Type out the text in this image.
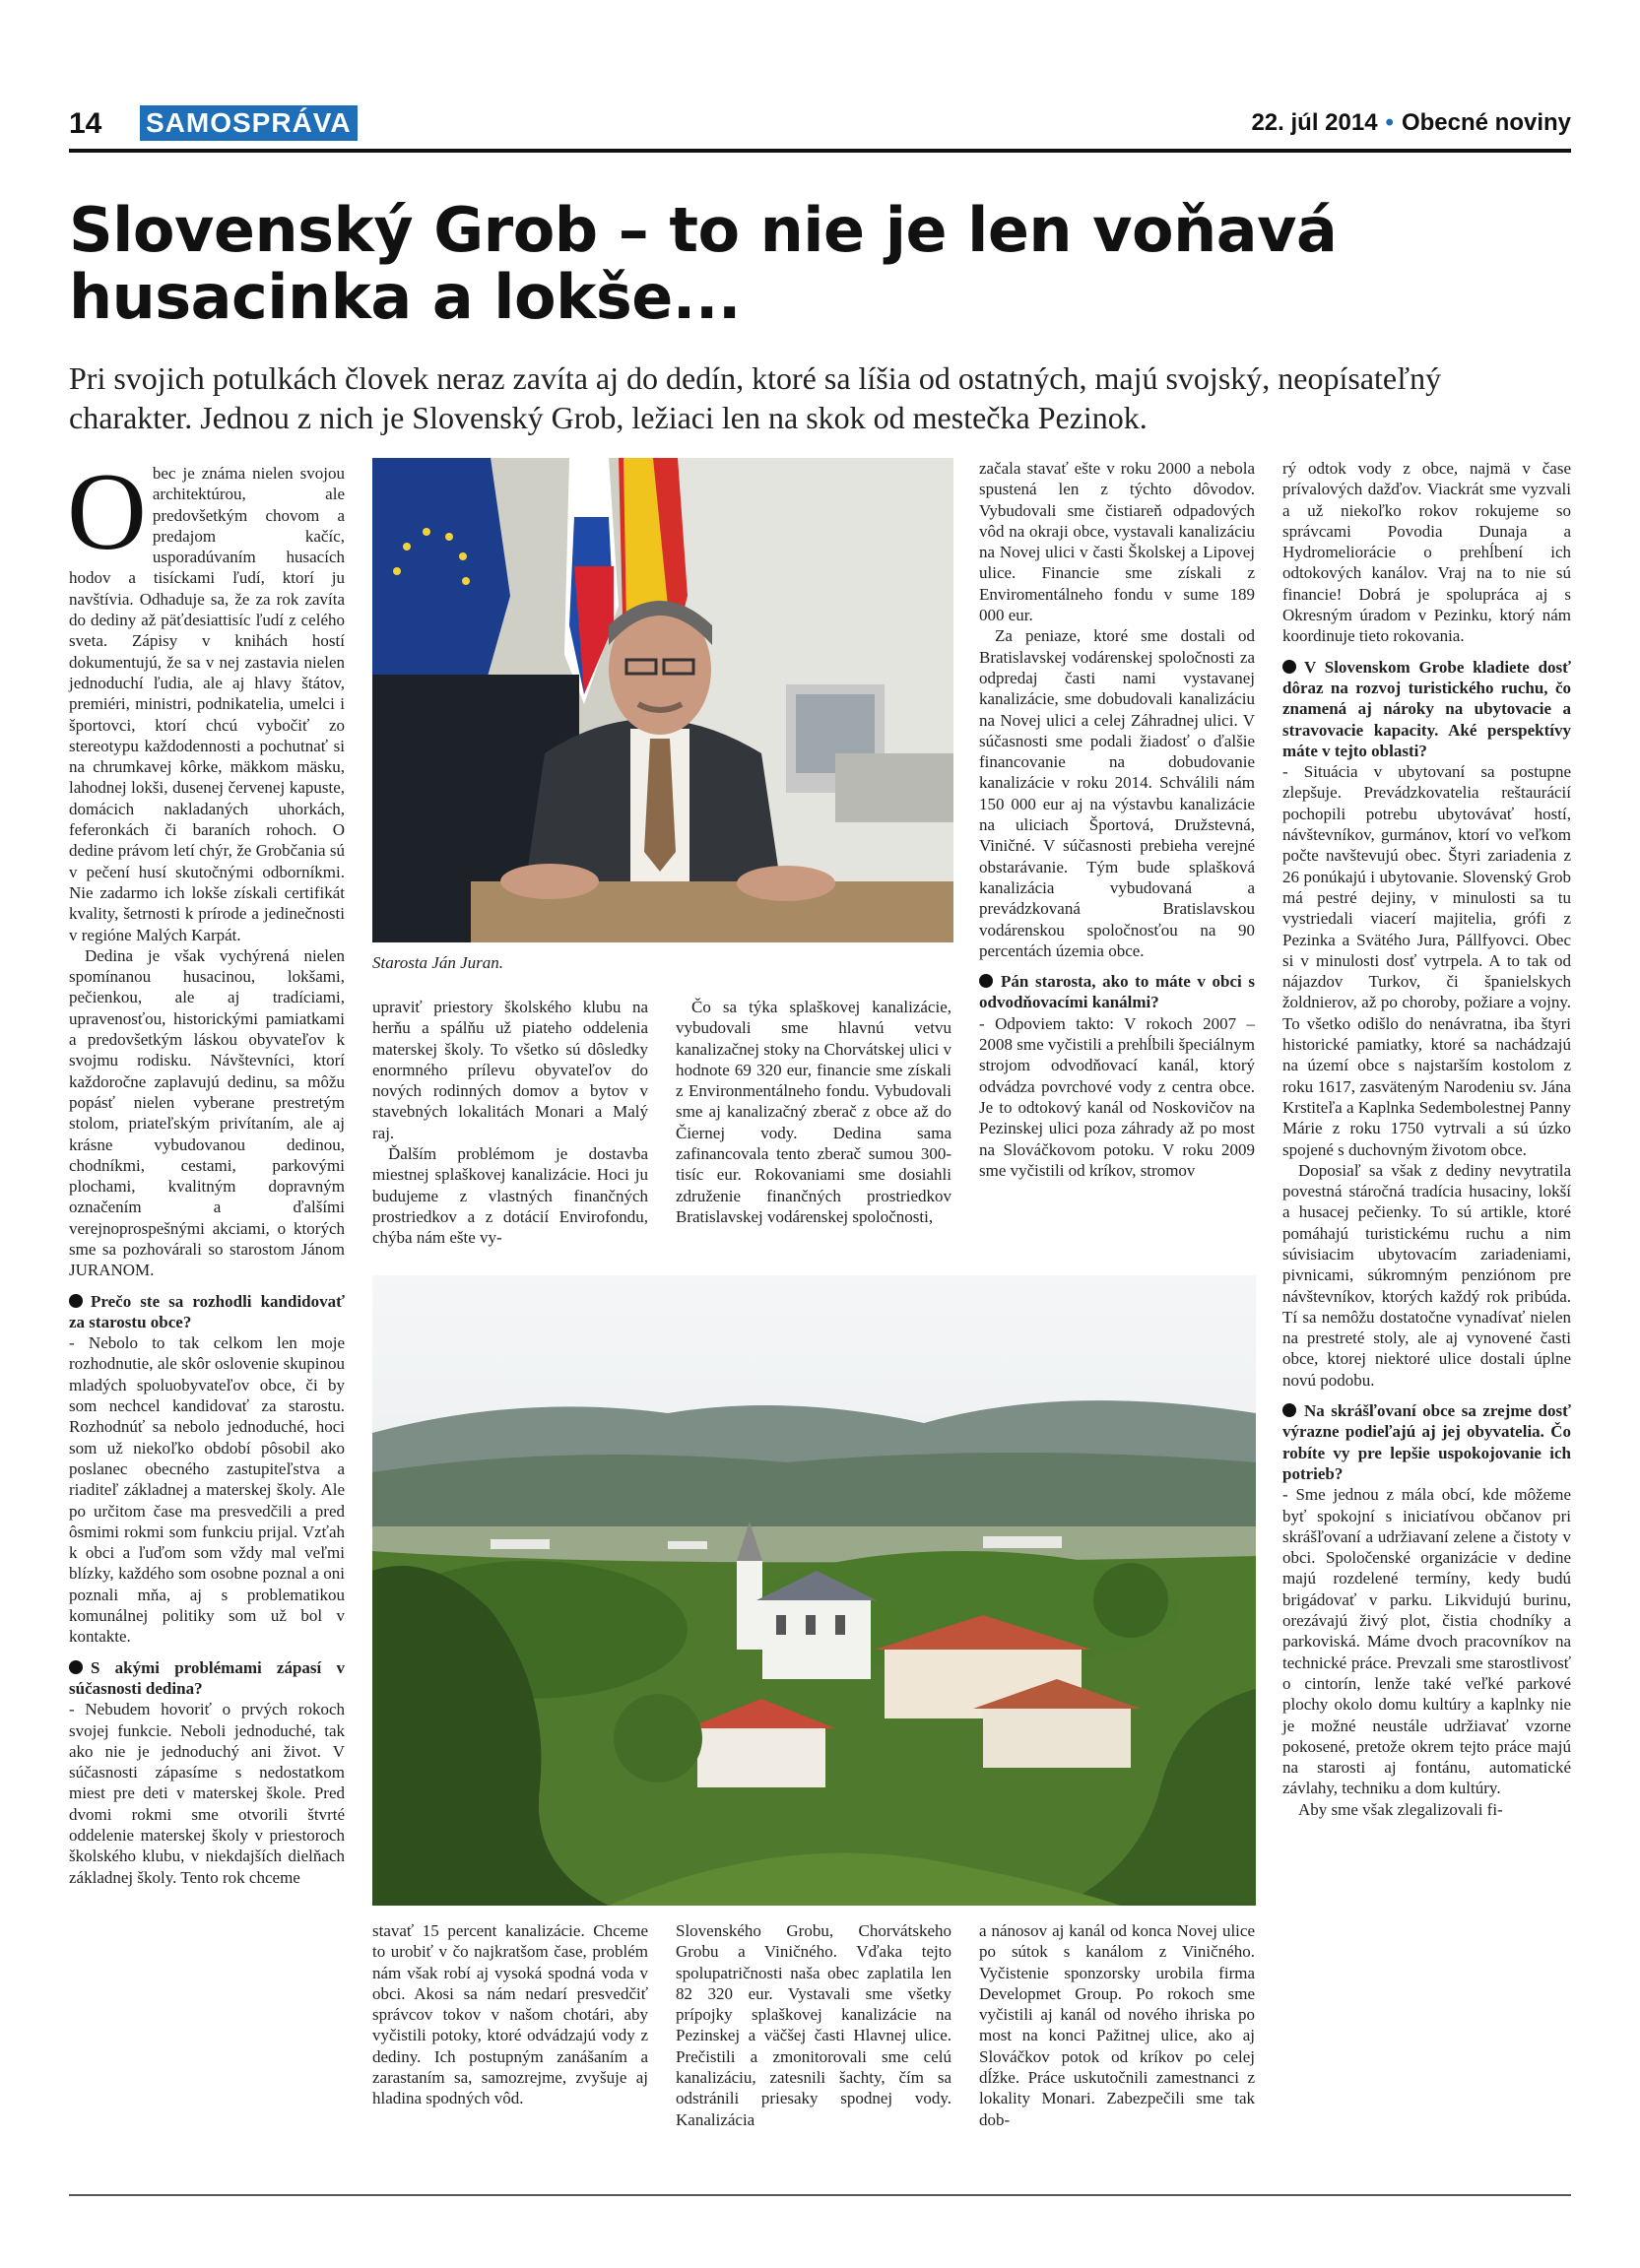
14 SAMOSPRÁVA	22. júl 2014 • Obecné noviny
Slovenský Grob – to nie je len voňavá husacinka a lokše...

Pri svojich potulkách človek neraz zavíta aj do dedín, ktoré sa líšia od ostatných, majú svojský, neopísateľný charakter. Jednou z nich je Slovenský Grob, ležiaci len na skok od mestečka Pezinok.

Obec je známa nielen svojou architektúrou, ale predovšetkým chovom a predajom kačíc, usporadúvaním husacích hodov a tisíckami ľudí, ktorí ju navštívia. Odhaduje sa, že za rok zavíta do dediny až päťdesiattisíc ľudí z celého sveta. Zápisy v knihách hostí dokumentujú, že sa v nej zastavia nielen jednoduchí ľudia, ale aj hlavy štátov, premiéri, ministri, podnikatelia, umelci i športovci, ktorí chcú vybočiť zo stereotypu každodennosti a pochutnať si na chrumkavej kôrke, mäkkom mäsku, lahodnej lokši, dusenej červenej kapuste, domácich nakladaných uhorkách, feferonkách či baraních rohoch. O dedine právom letí chýr, že Grobčania sú v pečení husí skutočnými odborníkmi. Nie zadarmo ich lokše získali certifikát kvality, šetrnosti k prírode a jedinečnosti v regióne Malých Karpát.

Dedina je však vychýrená nielen spomínanou husacinou, lokšami, pečienkou, ale aj tradíciami, upravenosťou, historickými pamiatkami a predovšetkým láskou obyvateľov k svojmu rodisku. Návštevníci, ktorí každoročne zaplavujú dedinu, sa môžu popásť nielen vyberane prestretým stolom, priateľským privítaním, ale aj krásne vybudovanou dedinou, chodníkmi, cestami, parkovými plochami, kvalitným dopravným označením a ďalšími verejnoprospešnými akciami, o ktorých sme sa pozhovárali so starostom Jánom JURANOM.

Prečo ste sa rozhodli kandidovať za starostu obce?

- Nebolo to tak celkom len moje rozhodnutie, ale skôr oslovenie skupinou mladých spoluobyvateľov obce, či by som nechcel kandidovať za starostu. Rozhodnúť sa nebolo jednoduché, hoci som už niekoľko období pôsobil ako poslanec obecného zastupiteľstva a riaditeľ základnej a materskej školy. Ale po určitom čase ma presvedčili a pred ôsmimi rokmi som funkciu prijal. Vzťah k obci a ľuďom som vždy mal veľmi blízky, každého som osobne poznal a oni poznali mňa, aj s problematikou komunálnej politiky som už bol v kontakte.

S akými problémami zápasí v súčasnosti dedina?

- Nebudem hovoriť o prvých rokoch svojej funkcie. Neboli jednoduché, tak ako nie je jednoduchý ani život. V súčasnosti zápasíme s nedostatkom miest pre deti v materskej škole. Pred dvomi rokmi sme otvorili štvrté oddelenie materskej školy v priestoroch školského klubu, v niekdajších dielňach základnej školy. Tento rok chceme

Starosta Ján Juran.

upraviť priestory školského klubu na herňu a spálňu už piateho oddelenia materskej školy. To všetko sú dôsledky enormného prílevu obyvateľov do nových rodinných domov a bytov v stavebných lokalitách Monari a Malý raj.

Ďalším problémom je dostavba miestnej splaškovej kanalizácie. Hoci ju budujeme z vlastných finančných prostriedkov a z dotácií Envirofondu, chýba nám ešte vy-

stavať 15 percent kanalizácie. Chceme to urobiť v čo najkratšom čase, problém nám však robí aj vysoká spodná voda v obci. Akosi sa nám nedarí presvedčiť správcov tokov v našom chotári, aby vyčistili potoky, ktoré odvádzajú vody z dediny. Ich postupným zanášaním a zarastaním sa, samozrejme, zvyšuje aj hladina spodných vôd.

Čo sa týka splaškovej kanalizácie, vybudovali sme hlavnú vetvu kanalizačnej stoky na Chorvátskej ulici v hodnote 69 320 eur, financie sme získali z Environmentálneho fondu. Vybudovali sme aj kanalizačný zberač z obce až do Čiernej vody. Dedina sama zafinancovala tento zberač sumou 300-tisíc eur. Rokovaniami sme dosiahli združenie finančných prostriedkov Bratislavskej vodárenskej spoločnosti,

Slovenského Grobu, Chorvátskeho Grobu a Viničného. Vďaka tejto spolupatričnosti naša obec zaplatila len 82 320 eur. Vystavali sme všetky prípojky splaškovej kanalizácie na Pezinskej a väčšej časti Hlavnej ulice. Prečistili a zmonitorovali sme celú kanalizáciu, zatesnili šachty, čím sa odstránili priesaky spodnej vody. Kanalizácia

začala stavať ešte v roku 2000 a nebola spustená len z týchto dôvodov. Vybudovali sme čistiareň odpadových vôd na okraji obce, vystavali kanalizáciu na Novej ulici v časti Školskej a Lipovej ulice. Financie sme získali z Enviromentálneho fondu v sume 189 000 eur.

Za peniaze, ktoré sme dostali od Bratislavskej vodárenskej spoločnosti za odpredaj časti nami vystavanej kanalizácie, sme dobudovali kanalizáciu na Novej ulici a celej Záhradnej ulici. V súčasnosti sme podali žiadosť o ďalšie financovanie na dobudovanie kanalizácie v roku 2014. Schválili nám 150 000 eur aj na výstavbu kanalizácie na uliciach Športová, Družstevná, Viničné. V súčasnosti prebieha verejné obstarávanie. Tým bude splašková kanalizácia vybudovaná a prevádzkovaná Bratislavskou vodárenskou spoločnosťou na 90 percentách územia obce.

Pán starosta, ako to máte v obci s odvodňovacími kanálmi?

- Odpoviem takto: V rokoch 2007 – 2008 sme vyčistili a prehĺbili špeciálnym strojom odvodňovací kanál, ktorý odvádza povrchové vody z centra obce. Je to odtokový kanál od Noskovičov na Pezinskej ulici poza záhrady až po most na Slováčkovom potoku. V roku 2009 sme vyčistili od kríkov, stromov

a nánosov aj kanál od konca Novej ulice po sútok s kanálom z Viničného. Vyčistenie sponzorsky urobila firma Developmet Group. Po rokoch sme vyčistili aj kanál od nového ihriska po most na konci Pažitnej ulice, ako aj Slováčkov potok od kríkov po celej dĺžke. Práce uskutočnili zamestnanci z lokality Monari. Zabezpečili sme tak dob-

rý odtok vody z obce, najmä v čase prívalových dažďov. Viackrát sme vyzvali a už niekoľko rokov rokujeme so správcami Povodia Dunaja a Hydromeliorácie o prehĺbení ich odtokových kanálov. Vraj na to nie sú financie! Dobrá je spolupráca aj s Okresným úradom v Pezinku, ktorý nám koordinuje tieto rokovania.

V Slovenskom Grobe kladiete dosť dôraz na rozvoj turistického ruchu, čo znamená aj nároky na ubytovacie a stravovacie kapacity. Aké perspektívy máte v tejto oblasti?

- Situácia v ubytovaní sa postupne zlepšuje. Prevádzkovatelia reštaurácií pochopili potrebu ubytovávať hostí, návštevníkov, gurmánov, ktorí vo veľkom počte navštevujú obec. Štyri zariadenia z 26 ponúkajú i ubytovanie. Slovenský Grob má pestré dejiny, v minulosti sa tu vystriedali viacerí majitelia, grófi z Pezinka a Svätého Jura, Pállfyovci. Obec si v minulosti dosť vytrpela. A to tak od nájazdov Turkov, či španielskych žoldnierov, až po choroby, požiare a vojny. To všetko odišlo do nenávratna, iba štyri historické pamiatky, ktoré sa nachádzajú na území obce s najstarším kostolom z roku 1617, zasväteným Narodeniu sv. Jána Krstiteľa a Kaplnka Sedembolestnej Panny Márie z roku 1750 vytrvali a sú úzko spojené s duchovným životom obce.

Doposiaľ sa však z dediny nevytratila povestná stáročná tradícia husaciny, lokší a husacej pečienky. To sú artikle, ktoré pomáhajú turistickému ruchu a nim súvisiacim ubytovacím zariadeniami, pivnicami, súkromným penziónom pre návštevníkov, ktorých každý rok pribúda. Tí sa nemôžu dostatočne vynadívať nielen na prestreté stoly, ale aj vynovené časti obce, ktorej niektoré ulice dostali úplne novú podobu.

Na skrášľovaní obce sa zrejme dosť výrazne podieľajú aj jej obyvatelia. Čo robíte vy pre lepšie uspokojovanie ich potrieb?

- Sme jednou z mála obcí, kde môžeme byť spokojní s iniciatívou občanov pri skrášľovaní a udržiavaní zelene a čistoty v obci. Spoločenské organizácie v dedine majú rozdelené termíny, kedy budú brigádovať v parku. Likvidujú burinu, orezávajú živý plot, čistia chodníky a parkoviská. Máme dvoch pracovníkov na technické práce. Prevzali sme starostlivosť o cintorín, lenže také veľké parkové plochy okolo domu kultúry a kaplnky nie je možné neustále udržiavať vzorne pokosené, pretože okrem tejto práce majú na starosti aj fontánu, automatické závlahy, techniku a dom kultúry.

Aby sme však zlegalizovali fi-
